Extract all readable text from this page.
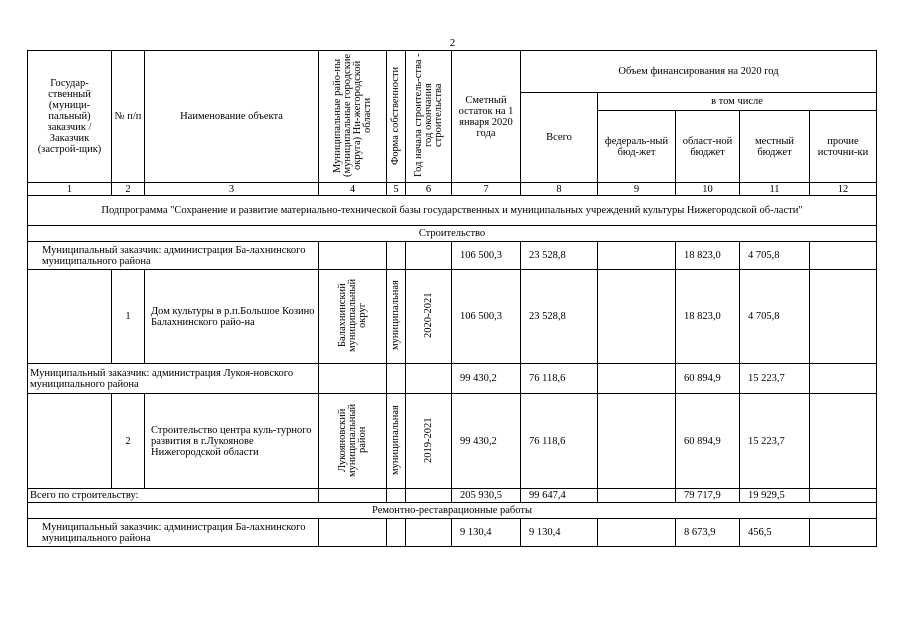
2
Государ-ственный (муници-пальный) заказчик / Заказчик (застрой-щик)	№ п/п	Наименование объекта	Муниципальные райо-ны (муниципальные городские округа) Ни-жегородской области	Форма собственности	Год начала строитель-ства - год окончания строительства	Сметный остаток на 1 января 2020 года	Объем финансирования на 2020 год				
							Всего	в том числе			
								федераль-ный бюд-жет	област-ной бюджет	местный бюджет	прочие источни-ки
1	2	3	4	5	6	7	8	9	10	11	12
Подпрограмма "Сохранение и развитие материально-технической базы государственных и муниципальных учреждений культуры Нижегородской об-ласти"											
Строительство											
Муниципальный заказчик: администрация Ба-лахнинского муниципального района						106 500,3	23 528,8		18 823,0	4 705,8	
	1	Дом культуры в р.п.Большое Козино Балахнинского райо-на	Балахнинский муниципальный округ	муниципальная	2020-2021	106 500,3	23 528,8		18 823,0	4 705,8	
Муниципальный заказчик: администрация Лукоя-новского муниципального района						99 430,2	76 118,6		60 894,9	15 223,7	
	2	Строительство центра куль-турного развития в г.Лукоянове Нижегородской области	Лукояновский муниципальный район	муниципальная	2019-2021	99 430,2	76 118,6		60 894,9	15 223,7	
Всего по строительству:						205 930,5	99 647,4		79 717,9	19 929,5	
Ремонтно-реставрационные работы											
Муниципальный заказчик: администрация Ба-лахнинского муниципального района						9 130,4	9 130,4		8 673,9	456,5	
